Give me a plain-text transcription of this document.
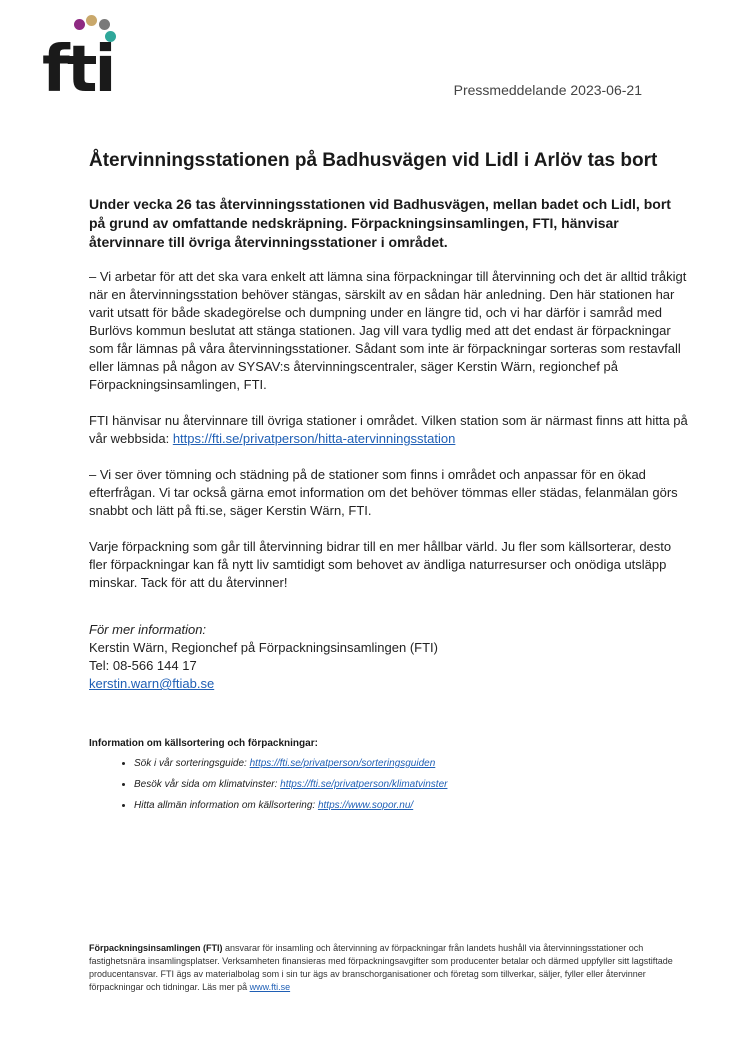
fti	Pressmeddelande 2023-06-21
Återvinningsstationen på Badhusvägen vid Lidl i Arlöv tas bort

Under vecka 26 tas återvinningsstationen vid Badhusvägen, mellan badet och Lidl, bort på grund av omfattande nedskräpning. Förpackningsinsamlingen, FTI, hänvisar återvinnare till övriga återvinningsstationer i området.

– Vi arbetar för att det ska vara enkelt att lämna sina förpackningar till återvinning och det är alltid tråkigt när en återvinningsstation behöver stängas, särskilt av en sådan här anledning. Den här stationen har varit utsatt för både skadegörelse och dumpning under en längre tid, och vi har därför i samråd med Burlövs kommun beslutat att stänga stationen. Jag vill vara tydlig med att det endast är förpackningar som får lämnas på våra återvinningsstationer. Sådant som inte är förpackningar sorteras som restavfall eller lämnas på någon av SYSAV:s återvinningscentraler, säger Kerstin Wärn, regionchef på Förpackningsinsamlingen, FTI.

FTI hänvisar nu återvinnare till övriga stationer i området. Vilken station som är närmast finns att hitta på vår webbsida: https://fti.se/privatperson/hitta-atervinningsstation

– Vi ser över tömning och städning på de stationer som finns i området och anpassar för en ökad efterfrågan. Vi tar också gärna emot information om det behöver tömmas eller städas, felanmälan görs snabbt och lätt på fti.se, säger Kerstin Wärn, FTI.

Varje förpackning som går till återvinning bidrar till en mer hållbar värld. Ju fler som källsorterar, desto fler förpackningar kan få nytt liv samtidigt som behovet av ändliga naturresurser och onödiga utsläpp minskar. Tack för att du återvinner!

För mer information:
Kerstin Wärn, Regionchef på Förpackningsinsamlingen (FTI)
Tel: 08-566 144 17
kerstin.warn@ftiab.se
Information om källsortering och förpackningar:
• Sök i vår sorteringsguide: https://fti.se/privatperson/sorteringsguiden
• Besök vår sida om klimatvinster: https://fti.se/privatperson/klimatvinster
• Hitta allmän information om källsortering: https://www.sopor.nu/

Förpackningsinsamlingen (FTI) ansvarar för insamling och återvinning av förpackningar från landets hushåll via återvinningsstationer och fastighetsnära insamlingsplatser. Verksamheten finansieras med förpackningsavgifter som producenter betalar och därmed uppfyller sitt lagstiftade producentansvar. FTI ägs av materialbolag som i sin tur ägs av branschorganisationer och företag som tillverkar, säljer, fyller eller återvinner förpackningar och tidningar. Läs mer på www.fti.se
